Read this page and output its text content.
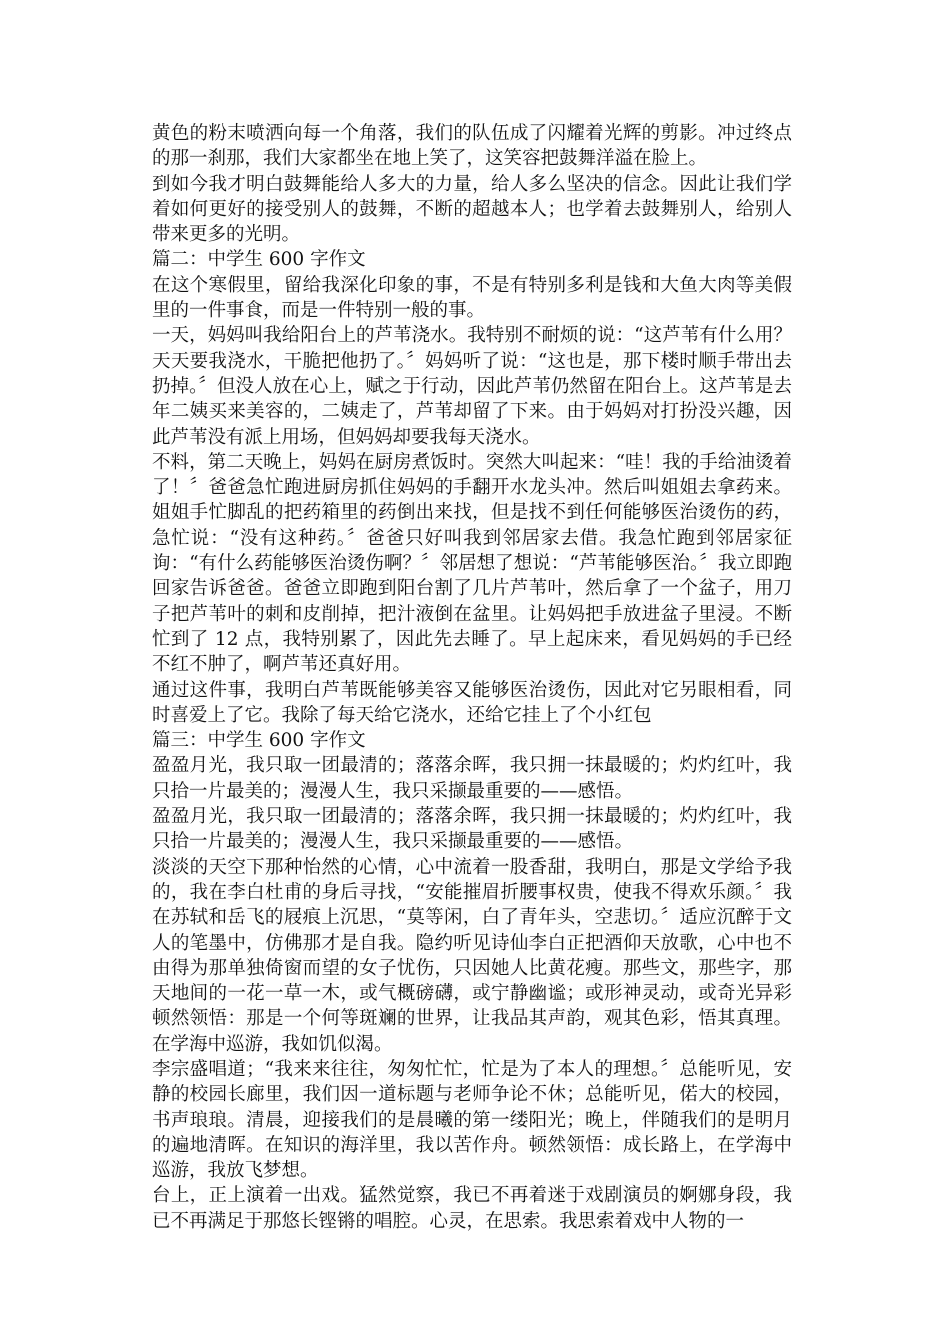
黄色的粉末喷洒向每一个角落，我们的队伍成了闪耀着光辉的剪影。冲过终点的那一刹那，我们大家都坐在地上笑了，这笑容把鼓舞洋溢在脸上。

到如今我才明白鼓舞能给人多大的力量，给人多么坚决的信念。因此让我们学着如何更好的接受别人的鼓舞，不断的超越本人；也学着去鼓舞别人，给别人带来更多的光明。

篇二：中学生 600 字作文

在这个寒假里，留给我深化印象的事，不是有特别多利是钱和大鱼大肉等美假里的一件事食，而是一件特别一般的事。

一天，妈妈叫我给阳台上的芦苇浇水。我特别不耐烦的说：“这芦苇有什么用？天天要我浇水，干脆把他扔了。〞妈妈听了说：“这也是，那下楼时顺手带出去扔掉。〞但没人放在心上，赋之于行动，因此芦苇仍然留在阳台上。这芦苇是去年二姨买来美容的，二姨走了，芦苇却留了下来。由于妈妈对打扮没兴趣，因此芦苇没有派上用场，但妈妈却要我每天浇水。

不料，第二天晚上，妈妈在厨房煮饭时。突然大叫起来：“哇！我的手给油烫着了！〞爸爸急忙跑进厨房抓住妈妈的手翻开水龙头冲。然后叫姐姐去拿药来。姐姐手忙脚乱的把药箱里的药倒出来找，但是找不到任何能够医治烫伤的药，急忙说：“没有这种药。〞爸爸只好叫我到邻居家去借。我急忙跑到邻居家征询：“有什么药能够医治烫伤啊？〞邻居想了想说：“芦苇能够医治。〞我立即跑回家告诉爸爸。爸爸立即跑到阳台割了几片芦苇叶，然后拿了一个盆子，用刀子把芦苇叶的刺和皮削掉，把汁液倒在盆里。让妈妈把手放进盆子里浸。不断忙到了 12 点，我特别累了，因此先去睡了。早上起床来，看见妈妈的手已经不红不肿了，啊芦苇还真好用。

通过这件事，我明白芦苇既能够美容又能够医治烫伤，因此对它另眼相看，同时喜爱上了它。我除了每天给它浇水，还给它挂上了个小红包

篇三：中学生 600 字作文

盈盈月光，我只取一团最清的；落落余晖，我只拥一抹最暖的；灼灼红叶，我只拾一片最美的；漫漫人生，我只采撷最重要的——感悟。

盈盈月光，我只取一团最清的；落落余晖，我只拥一抹最暖的；灼灼红叶，我只拾一片最美的；漫漫人生，我只采撷最重要的——感悟。

淡淡的天空下那种怡然的心情，心中流着一股香甜，我明白，那是文学给予我的，我在李白杜甫的身后寻找，“安能摧眉折腰事权贵，使我不得欢乐颜。〞我在苏轼和岳飞的屐痕上沉思，“莫等闲，白了青年头，空悲切。〞适应沉醉于文人的笔墨中，仿佛那才是自我。隐约听见诗仙李白正把酒仰天放歌，心中也不由得为那单独倚窗而望的女子忧伤，只因她人比黄花瘦。那些文，那些字，那天地间的一花一草一木，或气概磅礴，或宁静幽谧；或形神灵动，或奇光异彩顿然领悟：那是一个何等斑斓的世界，让我品其声韵，观其色彩，悟其真理。在学海中巡游，我如饥似渴。

李宗盛唱道；“我来来往往，匆匆忙忙，忙是为了本人的理想。〞总能听见，安静的校园长廊里，我们因一道标题与老师争论不休；总能听见，偌大的校园，书声琅琅。清晨，迎接我们的是晨曦的第一缕阳光；晚上，伴随我们的是明月的遍地清晖。在知识的海洋里，我以苦作舟。顿然领悟：成长路上，在学海中巡游，我放飞梦想。

台上，正上演着一出戏。猛然觉察，我已不再着迷于戏剧演员的婀娜身段，我已不再满足于那悠长铿锵的唱腔。心灵，在思索。我思索着戏中人物的一
